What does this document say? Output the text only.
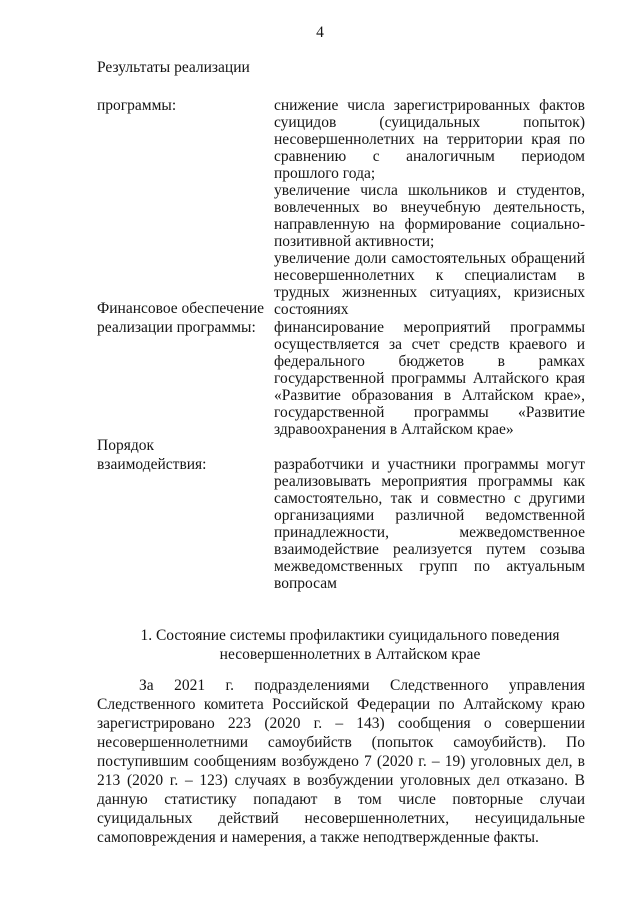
4
Результаты реализации
программы:	снижение числа зарегистрированных фактов суицидов (суицидальных попыток) несовершеннолетних на территории края по сравнению с аналогичным периодом прошлого года;
увеличение числа школьников и студентов, вовлеченных во внеучебную деятельность, направленную на формирование социально-позитивной активности;
увеличение доли самостоятельных обращений несовершеннолетних к специалистам в трудных жизненных ситуациях, кризисных состояниях
Финансовое обеспечение
реализации программы: финансирование мероприятий программы осуществляется за счет средств краевого и федерального бюджетов в рамках государственной программы Алтайского края «Развитие образования в Алтайском крае», государственной программы «Развитие здравоохранения в Алтайском крае»
Порядок
взаимодействия:	разработчики и участники программы могут реализовывать мероприятия программы как самостоятельно, так и совместно с другими организациями различной ведомственной принадлежности, межведомственное взаимодействие реализуется путем созыва межведомственных групп по актуальным вопросам
1. Состояние системы профилактики суицидального поведения
несовершеннолетних в Алтайском крае
За 2021 г. подразделениями Следственного управления Следственного комитета Российской Федерации по Алтайскому краю зарегистрировано 223 (2020 г. – 143) сообщения о совершении несовершеннолетними самоубийств (попыток самоубийств). По поступившим сообщениям возбуждено 7 (2020 г. – 19) уголовных дел, в 213 (2020 г. – 123) случаях в возбуждении уголовных дел отказано. В данную статистику попадают в том числе повторные случаи суицидальных действий несовершеннолетних, несуицидальные самоповреждения и намерения, а также неподтвержденные факты.
